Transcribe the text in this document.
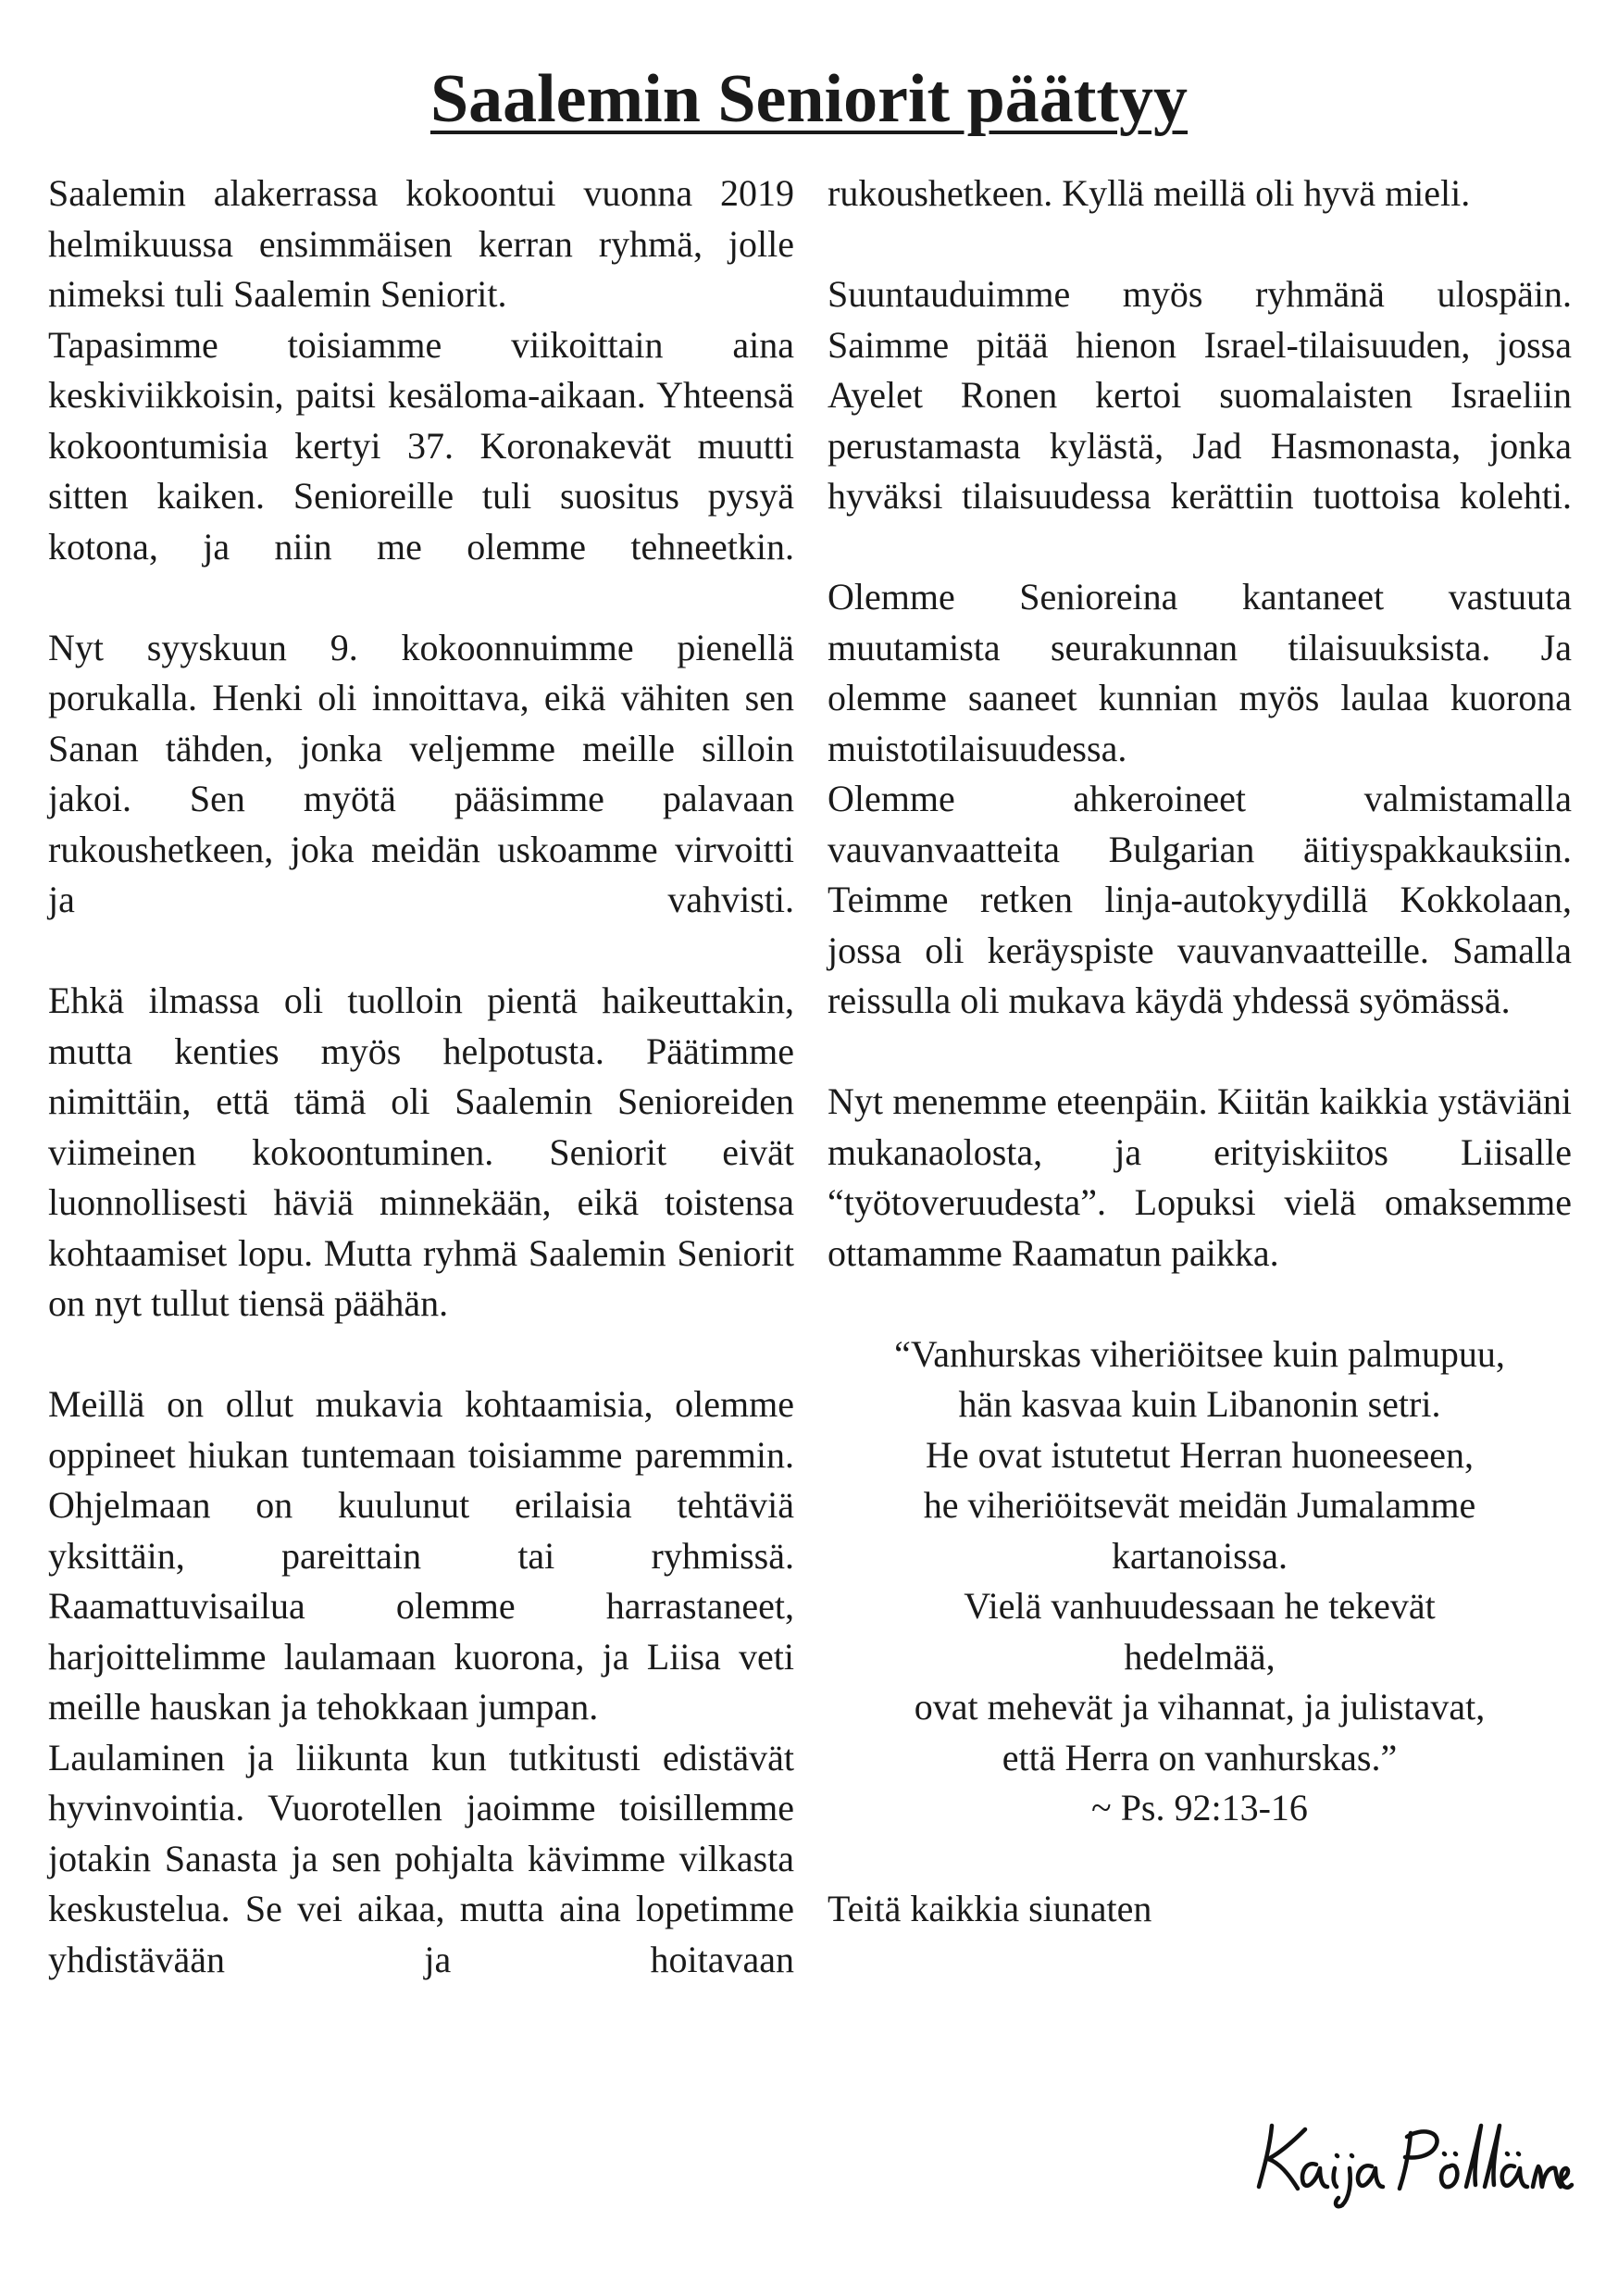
Saalemin Seniorit päättyy

Saalemin alakerrassa kokoontui vuonna 2019 helmikuussa ensimmäisen kerran ryhmä, jolle nimeksi tuli Saalemin Seniorit.

Tapasimme toisiamme viikoittain aina keskiviikkoisin, paitsi kesäloma-aikaan. Yhteensä kokoontumisia kertyi 37. Koronakevät muutti sitten kaiken. Senioreille tuli suositus pysyä kotona, ja niin me olemme tehneetkin.

Nyt syyskuun 9. kokoonnuimme pienellä porukalla. Henki oli innoittava, eikä vähiten sen Sanan tähden, jonka veljemme meille silloin jakoi. Sen myötä pääsimme palavaan rukoushetkeen, joka meidän uskoamme virvoitti ja vahvisti.

Ehkä ilmassa oli tuolloin pientä haikeuttakin, mutta kenties myös helpotusta. Päätimme nimittäin, että tämä oli Saalemin Senioreiden viimeinen kokoontuminen. Seniorit eivät luonnollisesti häviä minnekään, eikä toistensa kohtaamiset lopu. Mutta ryhmä Saalemin Seniorit on nyt tullut tiensä päähän.

Meillä on ollut mukavia kohtaamisia, olemme oppineet hiukan tuntemaan toisiamme paremmin. Ohjelmaan on kuulunut erilaisia tehtäviä yksittäin, pareittain tai ryhmissä. Raamattuvisailua olemme harrastaneet, harjoittelimme laulamaan kuorona, ja Liisa veti meille hauskan ja tehokkaan jumpan.

Laulaminen ja liikunta kun tutkitusti edistävät hyvinvointia. Vuorotellen jaoimme toisillemme jotakin Sanasta ja sen pohjalta kävimme vilkasta keskustelua. Se vei aikaa, mutta aina lopetimme yhdistävään ja hoitavaan

rukoushetkeen. Kyllä meillä oli hyvä mieli.

Suuntauduimme myös ryhmänä ulospäin. Saimme pitää hienon Israel-tilaisuuden, jossa Ayelet Ronen kertoi suomalaisten Israeliin perustamasta kylästä, Jad Hasmonasta, jonka hyväksi tilaisuudessa kerättiin tuottoisa kolehti.

Olemme Senioreina kantaneet vastuuta muutamista seurakunnan tilaisuuksista. Ja olemme saaneet kunnian myös laulaa kuorona muistotilaisuudessa.

Olemme ahkeroineet valmistamalla vauvanvaatteita Bulgarian äitiyspakkauksiin. Teimme retken linja-autokyydillä Kokkolaan, jossa oli keräyspiste vauvanvaatteille. Samalla reissulla oli mukava käydä yhdessä syömässä.

Nyt menemme eteenpäin. Kiitän kaikkia ystäviäni mukanaolosta, ja erityiskiitos Liisalle “työtoveruudesta”. Lopuksi vielä omaksemme ottamamme Raamatun paikka.

“Vanhurskas viheriöitsee kuin palmupuu,
hän kasvaa kuin Libanonin setri.
He ovat istutetut Herran huoneeseen,
he viheriöitsevät meidän Jumalamme
kartanoissa.
Vielä vanhuudessaan he tekevät
hedelmää,
ovat mehevät ja vihannat, ja julistavat,
että Herra on vanhurskas.”
~ Ps. 92:13-16

Teitä kaikkia siunaten
